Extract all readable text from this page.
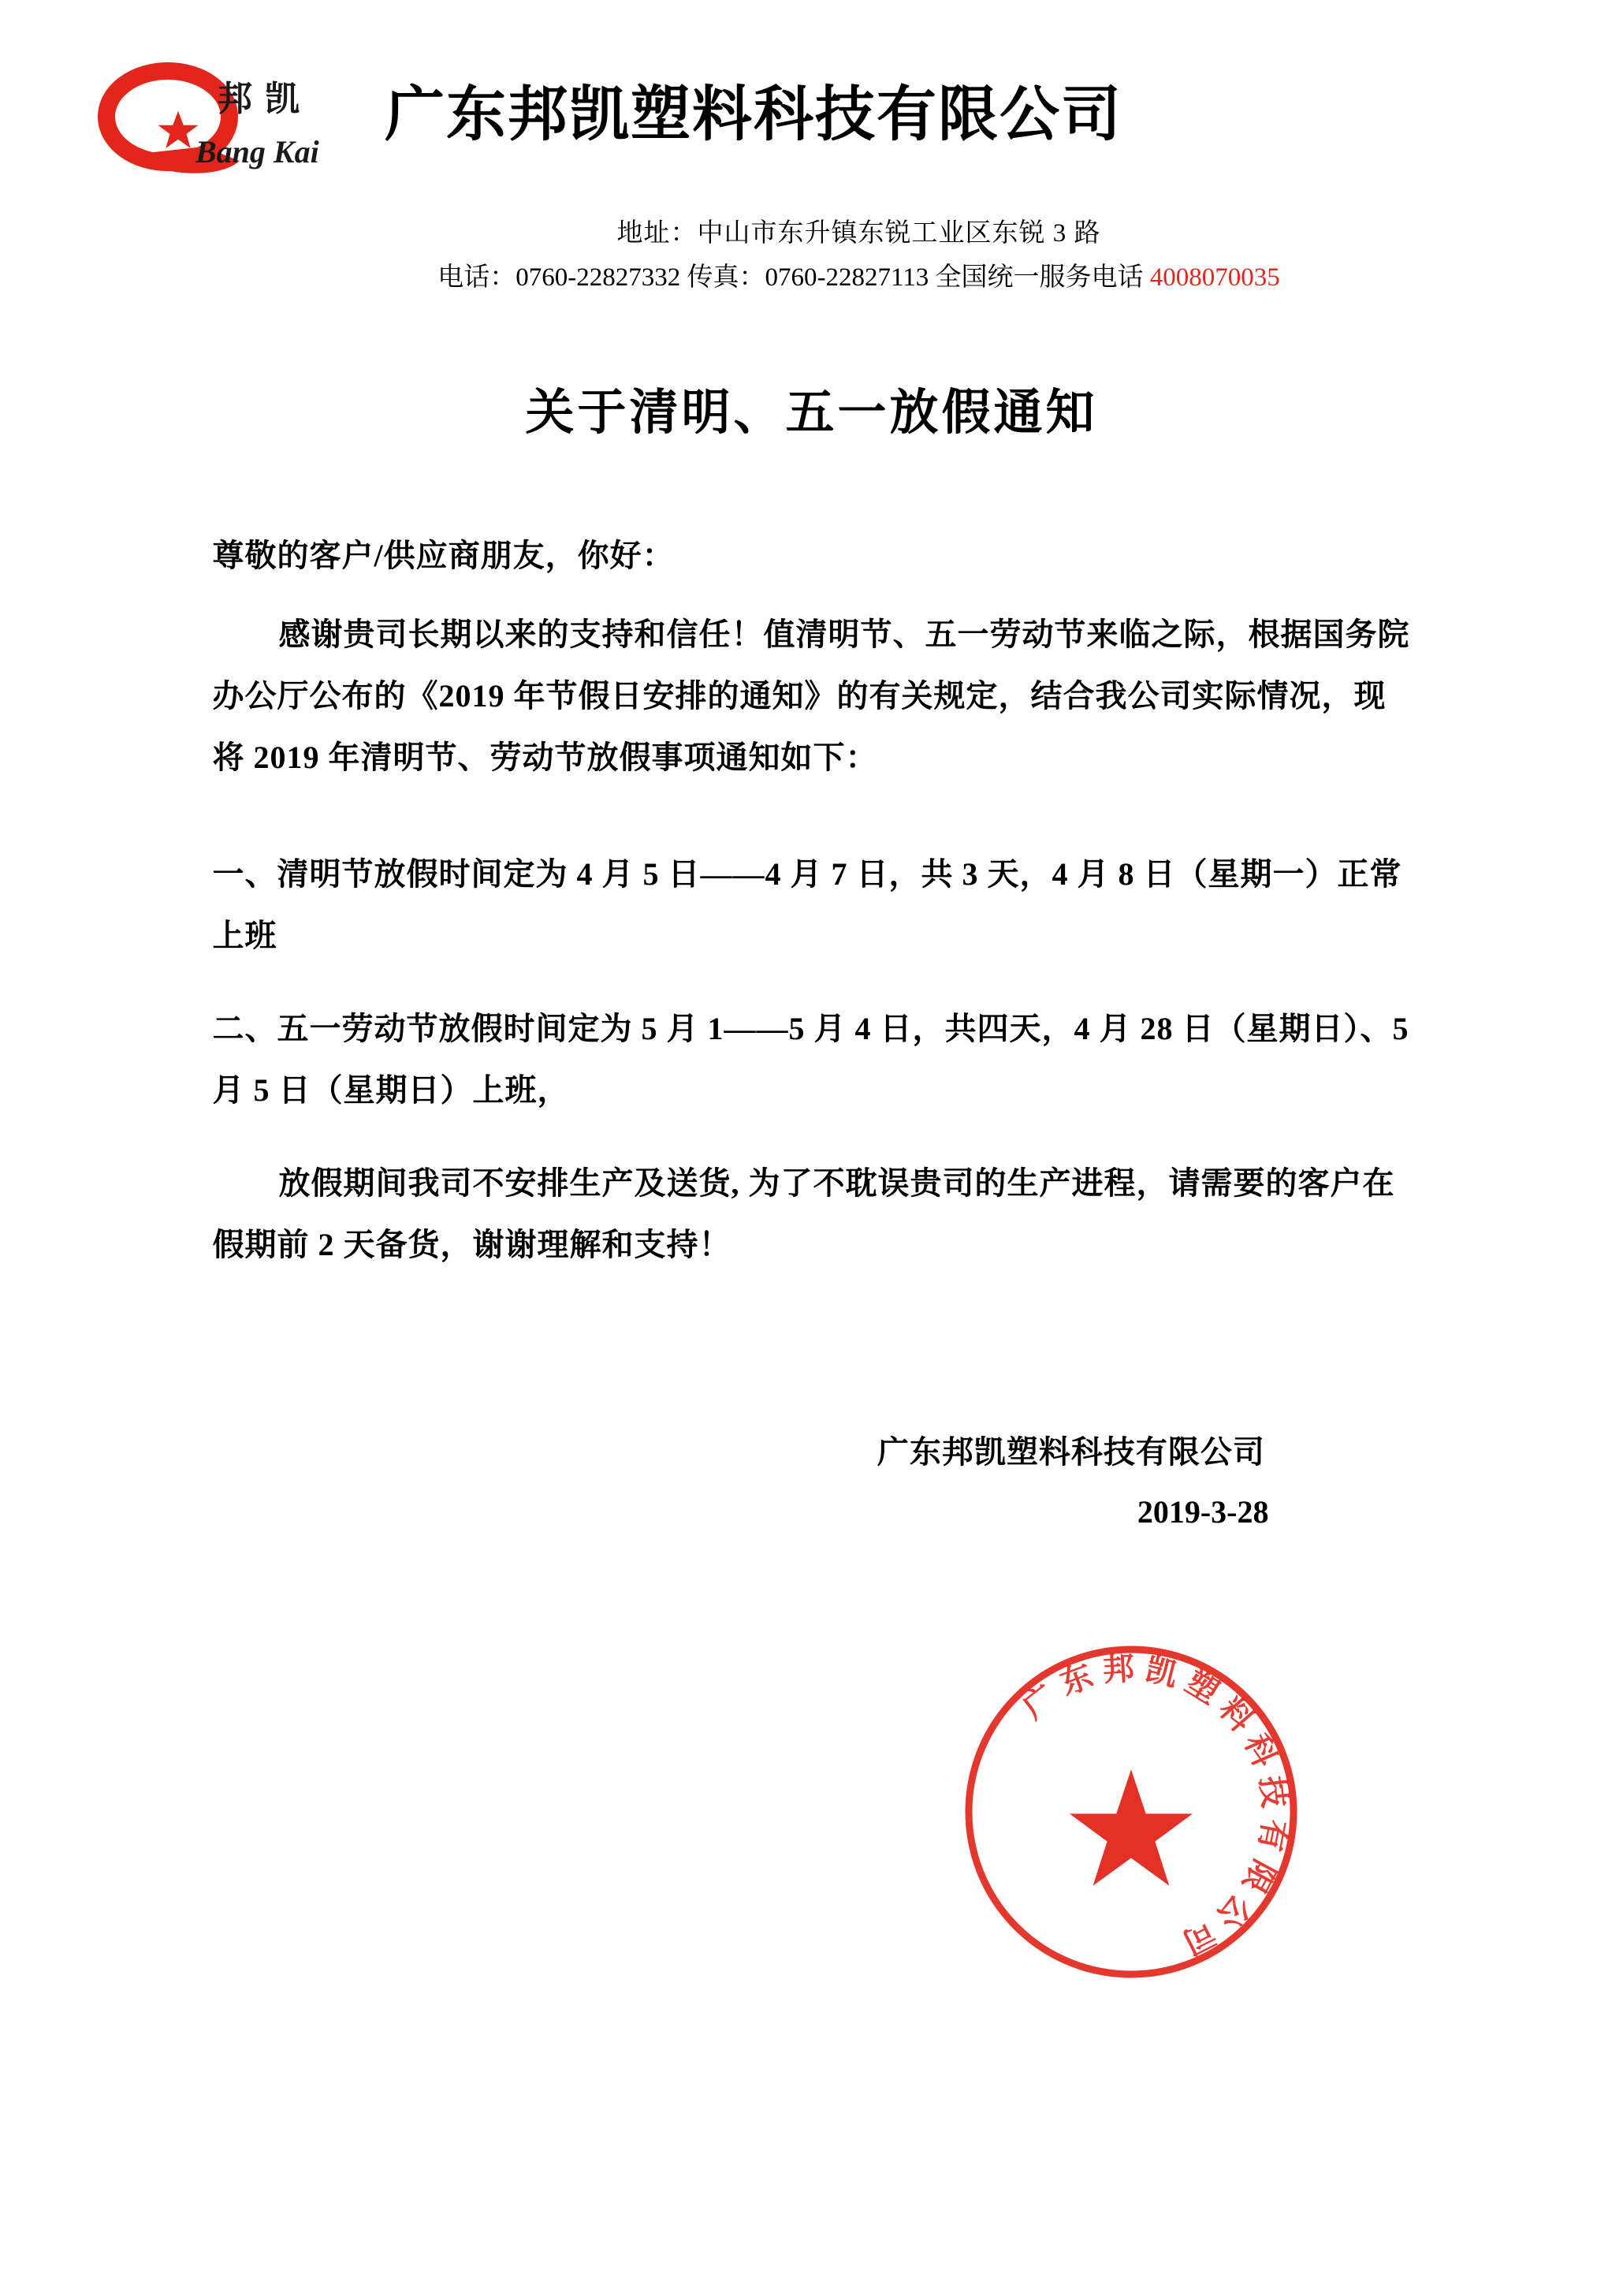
邦 凯
Bang Kai
广东邦凯塑料科技有限公司
地址：中山市东升镇东锐工业区东锐 3 路
电话：0760-22827332 传真：0760-22827113 全国统一服务电话 4008070035
关于清明、五一放假通知
尊敬的客户/供应商朋友，你好：
感谢贵司长期以来的支持和信任！值清明节、五一劳动节来临之际，根据国务院办公厅公布的《2019 年节假日安排的通知》的有关规定，结合我公司实际情况，现将 2019 年清明节、劳动节放假事项通知如下：
一、清明节放假时间定为 4 月 5 日——4 月 7 日，共 3 天，4 月 8 日（星期一）正常上班
二、五一劳动节放假时间定为 5 月 1——5 月 4 日，共四天，4 月 28 日（星期日）、5 月 5 日（星期日）上班，
放假期间我司不安排生产及送货, 为了不耽误贵司的生产进程，请需要的客户在假期前 2 天备货，谢谢理解和支持！
广东邦凯塑料科技有限公司
2019-3-28
广东邦凯塑料科技有限公司
